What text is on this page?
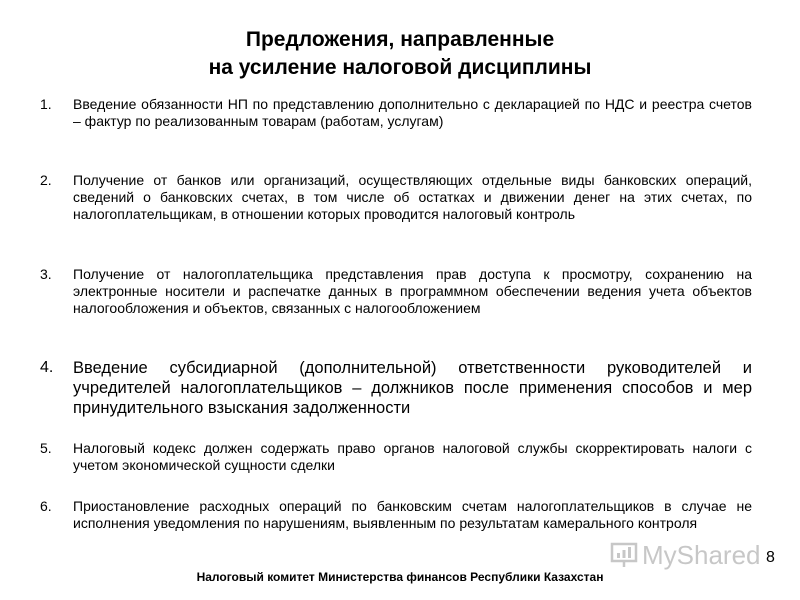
Предложения, направленные
на усиление налоговой дисциплины
1.	Введение обязанности НП по представлению дополнительно с декларацией по НДС и реестра счетов – фактур по реализованным товарам (работам, услугам)
2.	Получение от банков или организаций, осуществляющих отдельные виды банковских операций, сведений о банковских счетах, в том числе об остатках и движении денег на этих счетах, по налогоплательщикам, в отношении которых проводится налоговый контроль
3.	Получение от налогоплательщика представления прав доступа к просмотру, сохранению на электронные носители и распечатке данных в программном обеспечении ведения учета объектов налогообложения и объектов, связанных с налогообложением
4.	Введение субсидиарной (дополнительной) ответственности руководителей и учредителей налогоплательщиков – должников после применения способов и мер принудительного взыскания задолженности
5.	Налоговый кодекс должен содержать право органов налоговой службы скорректировать налоги с учетом экономической сущности сделки
6.	Приостановление расходных операций по банковским счетам налогоплательщиков в случае не исполнения уведомления по нарушениям, выявленным по результатам камерального контроля
MyShared 8
Налоговый комитет Министерства финансов Республики Казахстан
